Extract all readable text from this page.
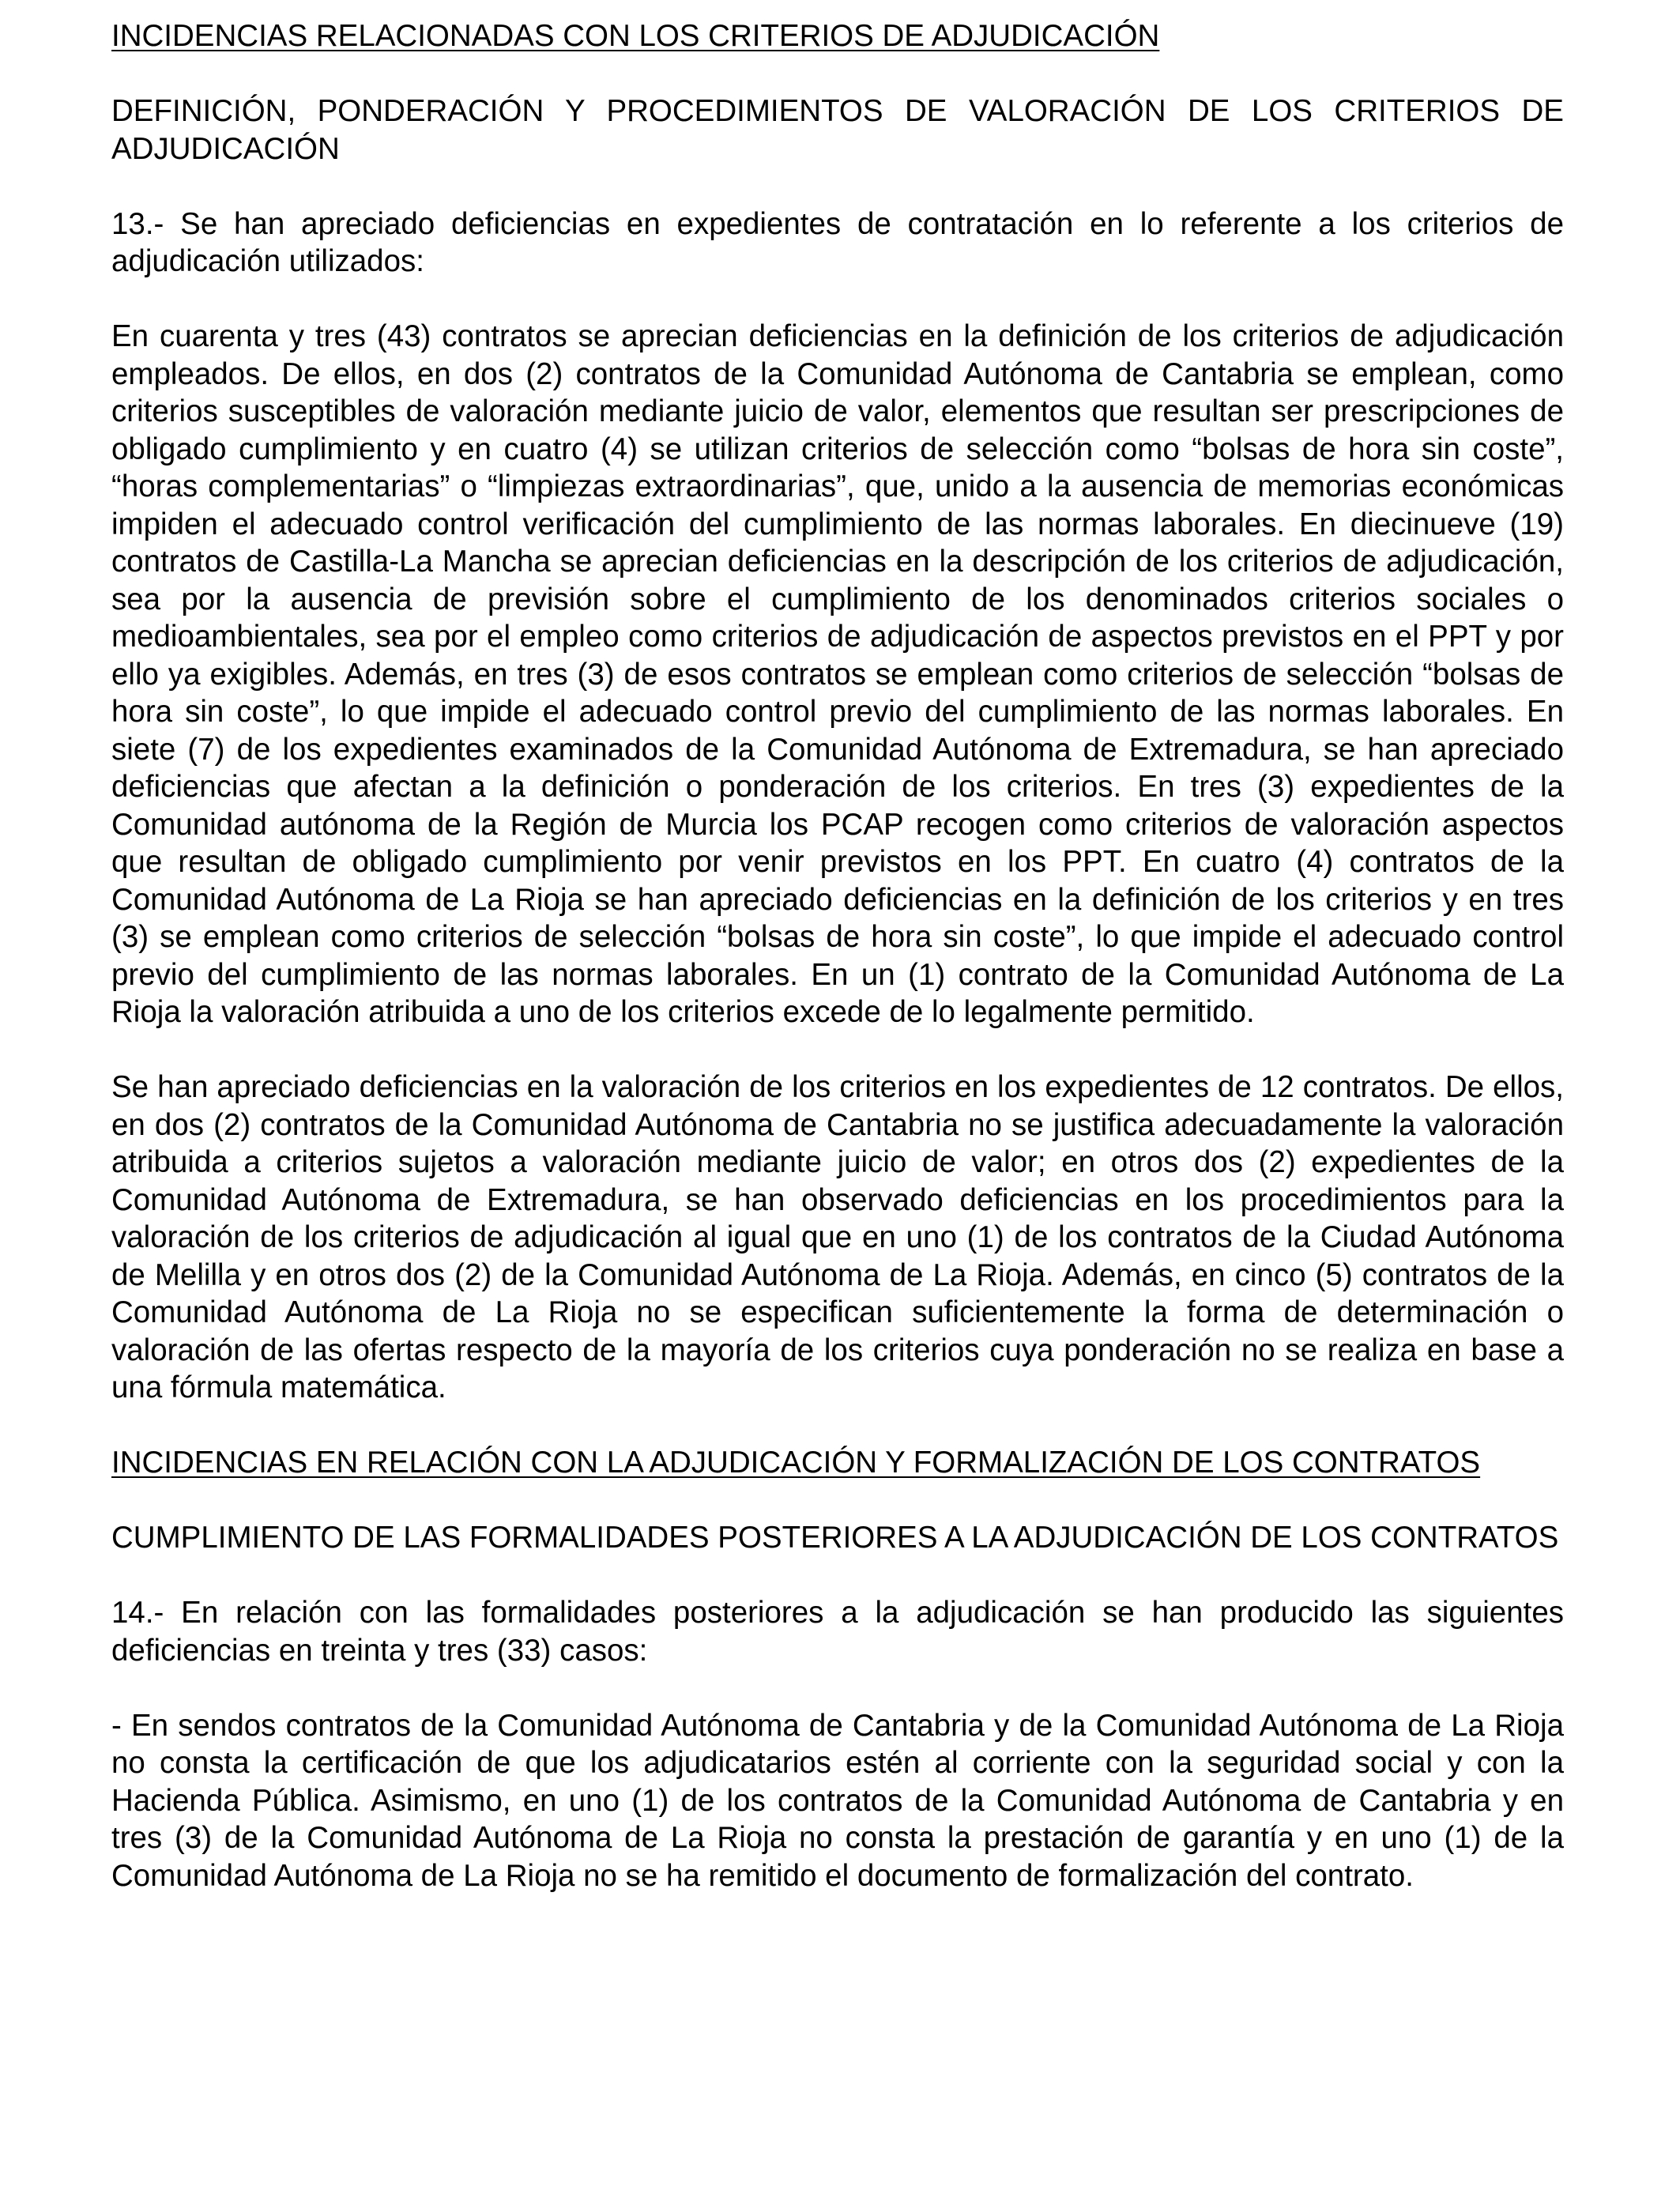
INCIDENCIAS RELACIONADAS CON LOS CRITERIOS DE ADJUDICACIÓN

DEFINICIÓN, PONDERACIÓN Y PROCEDIMIENTOS DE VALORACIÓN DE LOS CRITERIOS DE ADJUDICACIÓN

13.- Se han apreciado deficiencias en expedientes de contratación en lo referente a los criterios de adjudicación utilizados:

En cuarenta y tres (43) contratos se aprecian deficiencias en la definición de los criterios de adjudicación empleados. De ellos, en dos (2) contratos de la Comunidad Autónoma de Cantabria se emplean, como criterios susceptibles de valoración mediante juicio de valor, elementos que resultan ser prescripciones de obligado cumplimiento y en cuatro (4) se utilizan criterios de selección como “bolsas de hora sin coste”, “horas complementarias” o “limpiezas extraordinarias”, que, unido a la ausencia de memorias económicas impiden el adecuado control verificación del cumplimiento de las normas laborales. En diecinueve (19) contratos de Castilla-La Mancha se aprecian deficiencias en la descripción de los criterios de adjudicación, sea por la ausencia de previsión sobre el cumplimiento de los denominados criterios sociales o medioambientales, sea por el empleo como criterios de adjudicación de aspectos previstos en el PPT y por ello ya exigibles. Además, en tres (3) de esos contratos se emplean como criterios de selección “bolsas de hora sin coste”, lo que impide el adecuado control previo del cumplimiento de las normas laborales. En siete (7) de los expedientes examinados de la Comunidad Autónoma de Extremadura, se han apreciado deficiencias que afectan a la definición o ponderación de los criterios. En tres (3) expedientes de la Comunidad autónoma de la Región de Murcia los PCAP recogen como criterios de valoración aspectos que resultan de obligado cumplimiento por venir previstos en los PPT. En cuatro (4) contratos de la Comunidad Autónoma de La Rioja se han apreciado deficiencias en la definición de los criterios y en tres (3) se emplean como criterios de selección “bolsas de hora sin coste”, lo que impide el adecuado control previo del cumplimiento de las normas laborales. En un (1) contrato de la Comunidad Autónoma de La Rioja la valoración atribuida a uno de los criterios excede de lo legalmente permitido.

Se han apreciado deficiencias en la valoración de los criterios en los expedientes de 12 contratos. De ellos, en dos (2) contratos de la Comunidad Autónoma de Cantabria no se justifica adecuadamente la valoración atribuida a criterios sujetos a valoración mediante juicio de valor; en otros dos (2) expedientes de la Comunidad Autónoma de Extremadura, se han observado deficiencias en los procedimientos para la valoración de los criterios de adjudicación al igual que en uno (1) de los contratos de la Ciudad Autónoma de Melilla y en otros dos (2) de la Comunidad Autónoma de La Rioja. Además, en cinco (5) contratos de la Comunidad Autónoma de La Rioja no se especifican suficientemente la forma de determinación o valoración de las ofertas respecto de la mayoría de los criterios cuya ponderación no se realiza en base a una fórmula matemática.

INCIDENCIAS EN RELACIÓN CON LA ADJUDICACIÓN Y FORMALIZACIÓN DE LOS CONTRATOS

CUMPLIMIENTO DE LAS FORMALIDADES POSTERIORES A LA ADJUDICACIÓN DE LOS CONTRATOS

14.- En relación con las formalidades posteriores a la adjudicación se han producido las siguientes deficiencias en treinta y tres (33) casos:

- En sendos contratos de la Comunidad Autónoma de Cantabria y de la Comunidad Autónoma de La Rioja no consta la certificación de que los adjudicatarios estén al corriente con la seguridad social y con la Hacienda Pública. Asimismo, en uno (1) de los contratos de la Comunidad Autónoma de Cantabria y en tres (3) de la Comunidad Autónoma de La Rioja no consta la prestación de garantía y en uno (1) de la Comunidad Autónoma de La Rioja no se ha remitido el documento de formalización del contrato.
